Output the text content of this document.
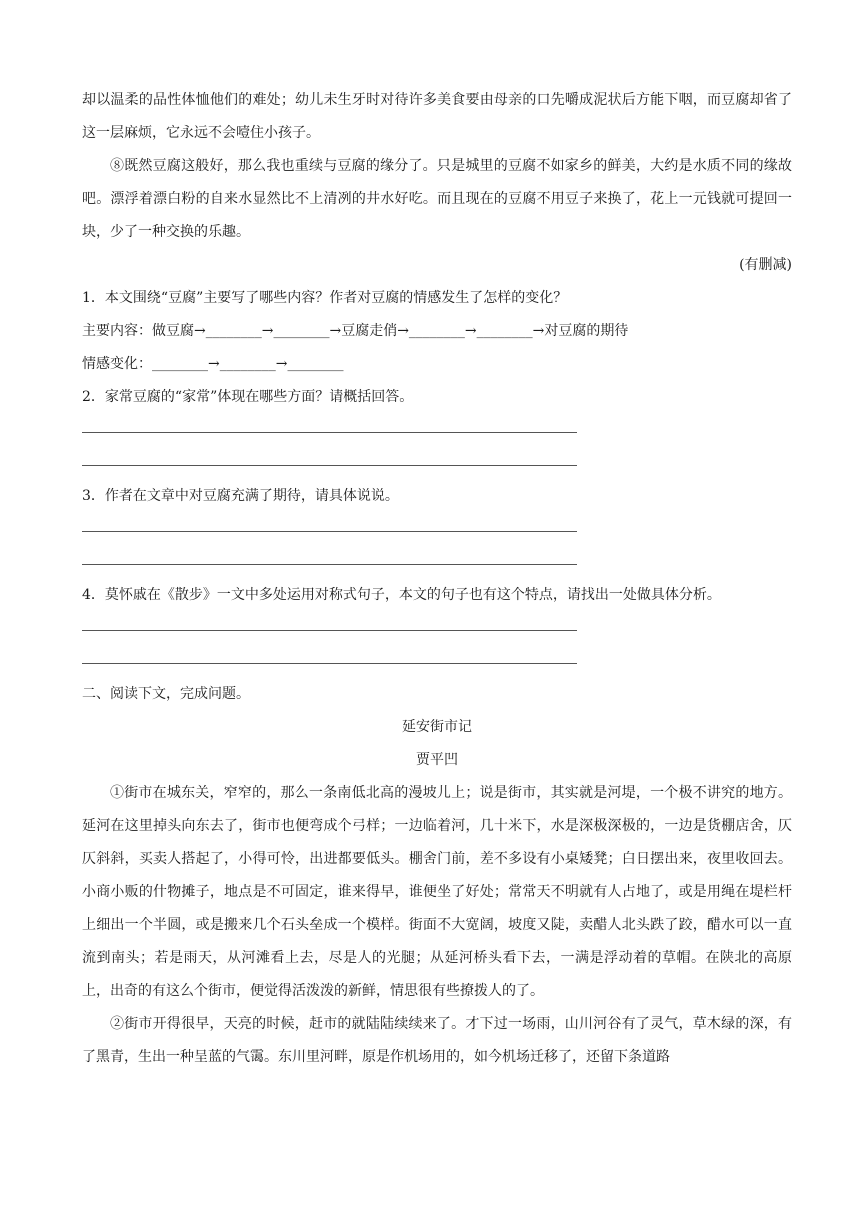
却以温柔的品性体恤他们的难处；幼儿未生牙时对待许多美食要由母亲的口先嚼成泥状后方能下咽，而豆腐却省了这一层麻烦，它永远不会噎住小孩子。

⑧既然豆腐这般好，那么我也重续与豆腐的缘分了。只是城里的豆腐不如家乡的鲜美，大约是水质不同的缘故吧。漂浮着漂白粉的自来水显然比不上清冽的井水好吃。而且现在的豆腐不用豆子来换了，花上一元钱就可提回一块，少了一种交换的乐趣。

(有删减)

1．本文围绕“豆腐”主要写了哪些内容？作者对豆腐的情感发生了怎样的变化？

主要内容：做豆腐→________→________→豆腐走俏→________→________→对豆腐的期待

情感变化：________→________→________

2．家常豆腐的“家常”体现在哪些方面？请概括回答。

3．作者在文章中对豆腐充满了期待，请具体说说。

4．莫怀戚在《散步》一文中多处运用对称式句子，本文的句子也有这个特点，请找出一处做具体分析。

二、阅读下文，完成问题。

延安街市记

贾平凹

①街市在城东关，窄窄的，那么一条南低北高的漫坡儿上；说是街市，其实就是河堤，一个极不讲究的地方。延河在这里掉头向东去了，街市也便弯成个弓样；一边临着河，几十米下，水是深极深极的，一边是货棚店舍，仄仄斜斜，买卖人搭起了，小得可怜，出进都要低头。棚舍门前，差不多设有小桌矮凳；白日摆出来，夜里收回去。小商小贩的什物摊子，地点是不可固定，谁来得早，谁便坐了好处；常常天不明就有人占地了，或是用绳在堤栏杆上细出一个半圆，或是搬来几个石头垒成一个模样。街面不大宽阔，坡度又陡，卖醋人北头跌了跤，醋水可以一直流到南头；若是雨天，从河滩看上去，尽是人的光腿；从延河桥头看下去，一满是浮动着的草帽。在陕北的高原上，出奇的有这么个街市，便觉得活泼泼的新鲜，情思很有些撩拨人的了。

②街市开得很早，天亮的时候，赶市的就陆陆续续来了。才下过一场雨，山川河谷有了灵气，草木绿的深，有了黑青，生出一种呈蓝的气霭。东川里河畔，原是作机场用的，如今机场迁移了，还留下条道路
